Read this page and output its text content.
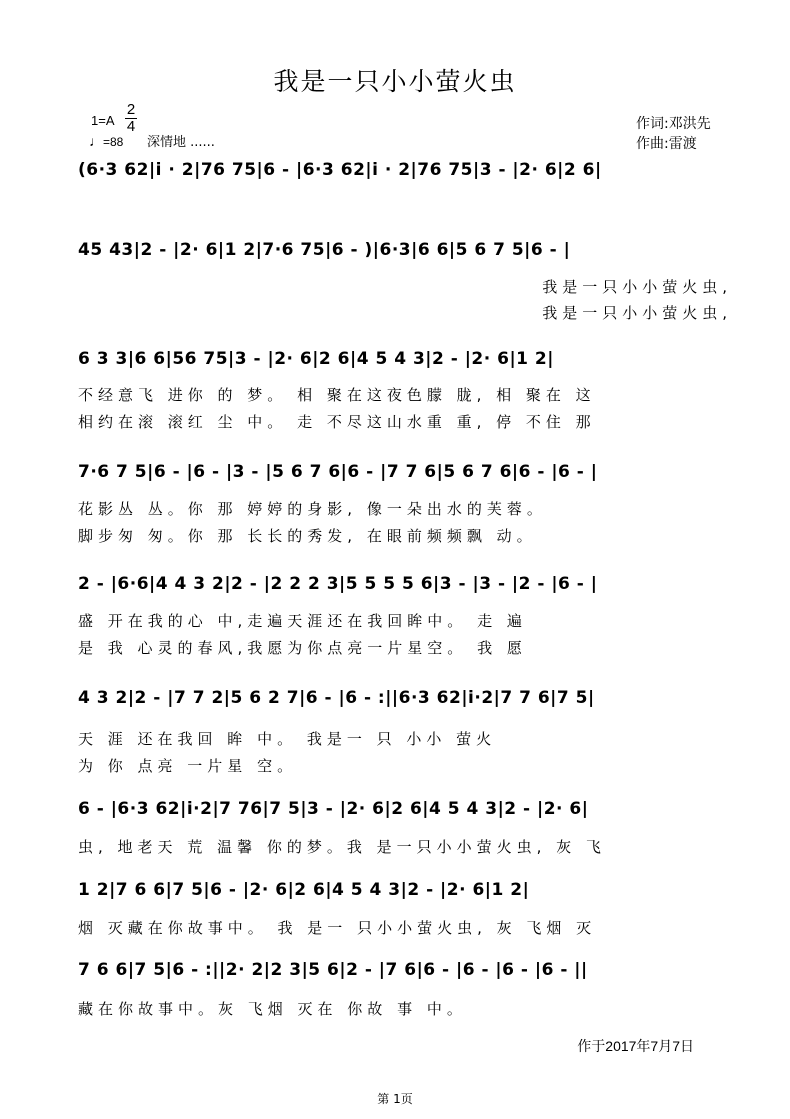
我是一只小小萤火虫
1=A
2
4
♩=88 深情地 ......
作词:邓洪先
作曲:雷渡
(6·3 62|i · 2|76 75|6 - |6·3 62|i · 2|76 75|3 - |2· 6|2 6|
45 43|2 - |2· 6|1 2|7·6 75|6 - )|6·3|6 6|5 6 7 5|6 - |
我是一只小小萤火虫,
我是一只小小萤火虫,
6 3 3|6 6|56 75|3 - |2· 6|2 6|4 5 4 3|2 - |2· 6|1 2|
不经意飞 进你 的 梦。 相 聚在这夜色朦 胧, 相 聚在 这
相约在滚 滚红 尘 中。 走 不尽这山水重 重, 停 不住 那
7·6 7 5|6 - |6 - |3 - |5 6 7 6|6 - |7 7 6|5 6 7 6|6 - |6 - |
花影丛 丛。你 那 婷婷的身影, 像一朵出水的芙蓉。
脚步匆 匆。你 那 长长的秀发, 在眼前频频飘 动。
2 - |6·6|4 4 3 2|2 - |2 2 2 3|5 5 5 5 6|3 - |3 - |2 - |6 - |
盛 开在我的心 中,走遍天涯还在我回眸中。 走 遍
是 我 心灵的春风,我愿为你点亮一片星空。 我 愿
4 3 2|2 - |7 7 2|5 6 2 7|6 - |6 - :||6·3 62|i·2|7 7 6|7 5|
天 涯 还在我回 眸 中。 我是一 只 小小 萤火
为 你 点亮 一片星 空。
6 - |6·3 62|i·2|7 76|7 5|3 - |2· 6|2 6|4 5 4 3|2 - |2· 6|
虫, 地老天 荒 温馨 你的梦。我 是一只小小萤火虫, 灰 飞
1 2|7 6 6|7 5|6 - |2· 6|2 6|4 5 4 3|2 - |2· 6|1 2|
烟 灭藏在你故事中。 我 是一 只小小萤火虫, 灰 飞烟 灭
7 6 6|7 5|6 - :||2· 2|2 3|5 6|2 - |7 6|6 - |6 - |6 - |6 - ||
藏在你故事中。灰 飞烟 灭在 你故 事 中。
作于2017年7月7日
第 1页
